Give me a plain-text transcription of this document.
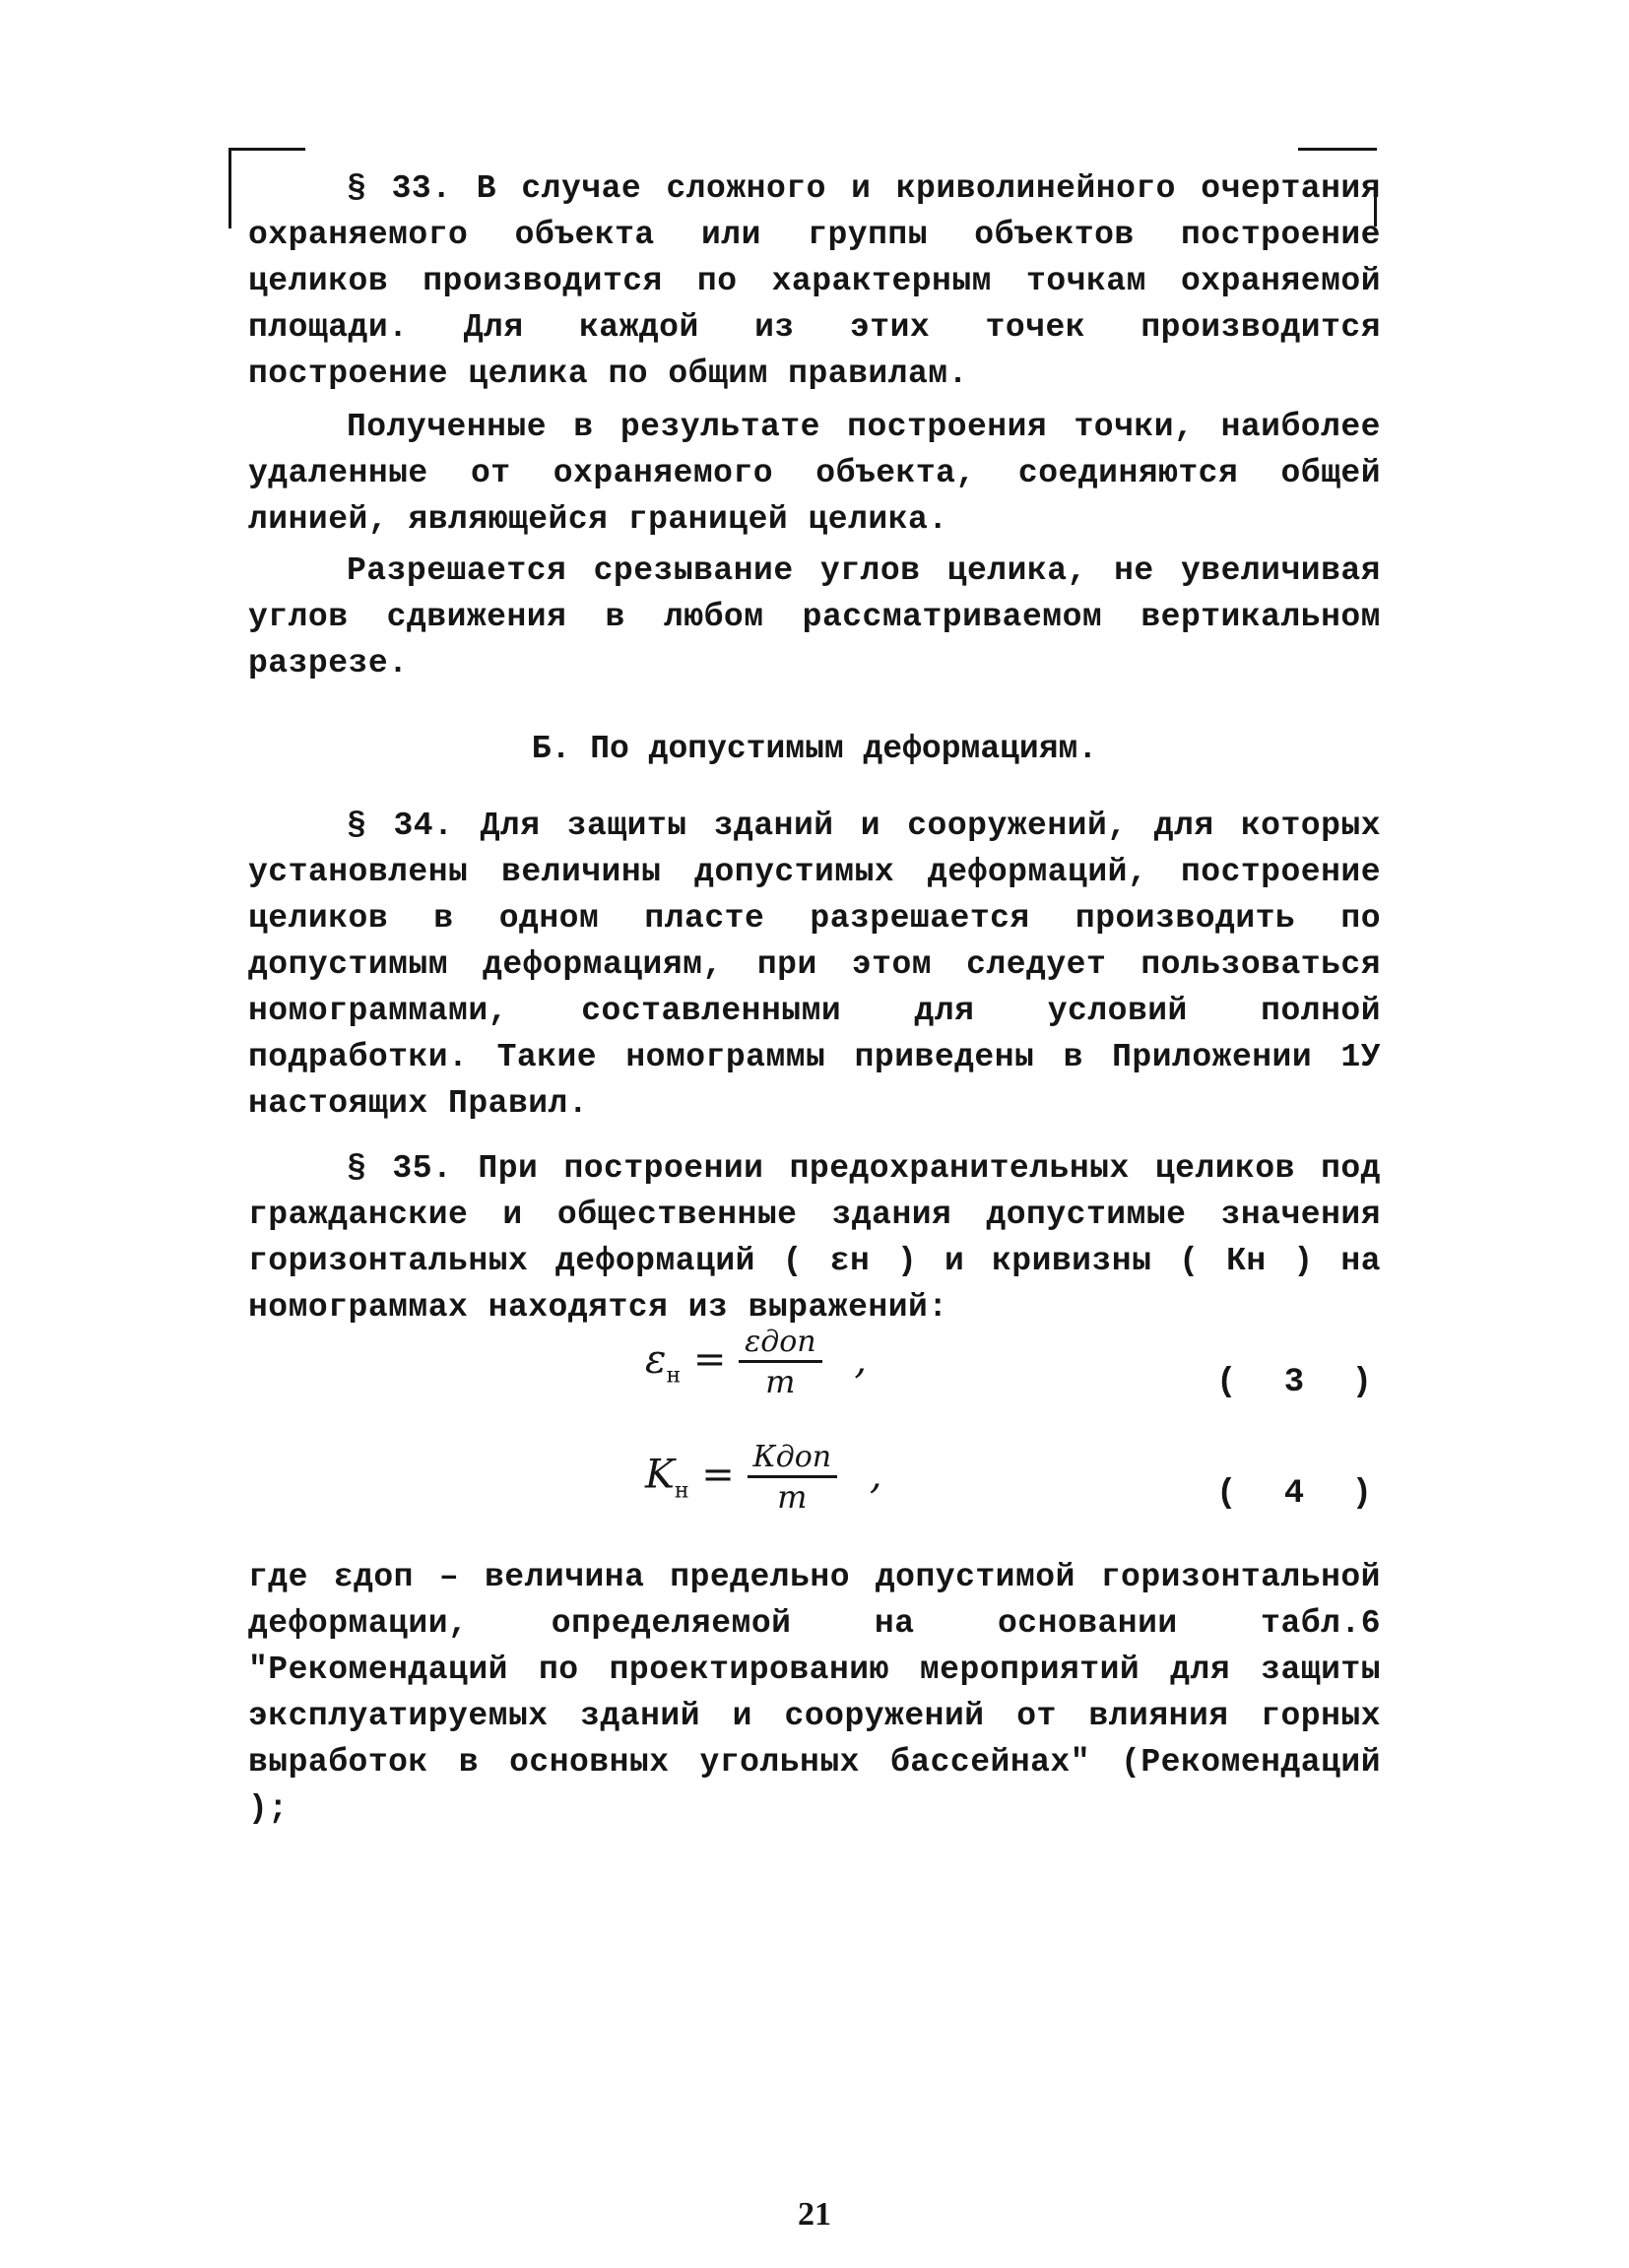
§ 33. В случае сложного и криволинейного очертания охраняемого объекта или группы объектов построение целиков производится по характерным точкам охраняемой площади. Для каждой из этих точек производится построение целика по общим правилам.

Полученные в результате построения точки, наиболее удаленные от охраняемого объекта, соединяются общей линией, являющейся границей целика.

Разрешается срезывание углов целика, не увеличивая углов сдвижения в любом рассматриваемом вертикальном разрезе.

Б. По допустимым деформациям.

§ 34. Для защиты зданий и сооружений, для которых установлены величины допустимых деформаций, построение целиков в одном пласте разрешается производить по допустимым деформациям, при этом следует пользоваться номограммами, составленными для условий полной подработки. Такие номограммы приведены в Приложении 1У настоящих Правил.

§ 35. При построении предохранительных целиков под гражданские и общественные здания допустимые значения горизонтальных деформаций ( εн ) и кривизны ( Кн ) на номограммах находятся из выражений:

$\varepsilon_н = \frac{\text{εдоп}}{m}$ ,
( 3 )
$K_н = \frac{\text{Кдоп}}{m}$ ,	( 4 )

где εдоп – величина предельно допустимой горизонтальной деформации, определяемой на основании табл.6 "Рекомендаций по проектированию мероприятий для защиты эксплуатируемых зданий и сооружений от влияния горных выработок в основных угольных бассейнах" (Рекомендаций );

21
